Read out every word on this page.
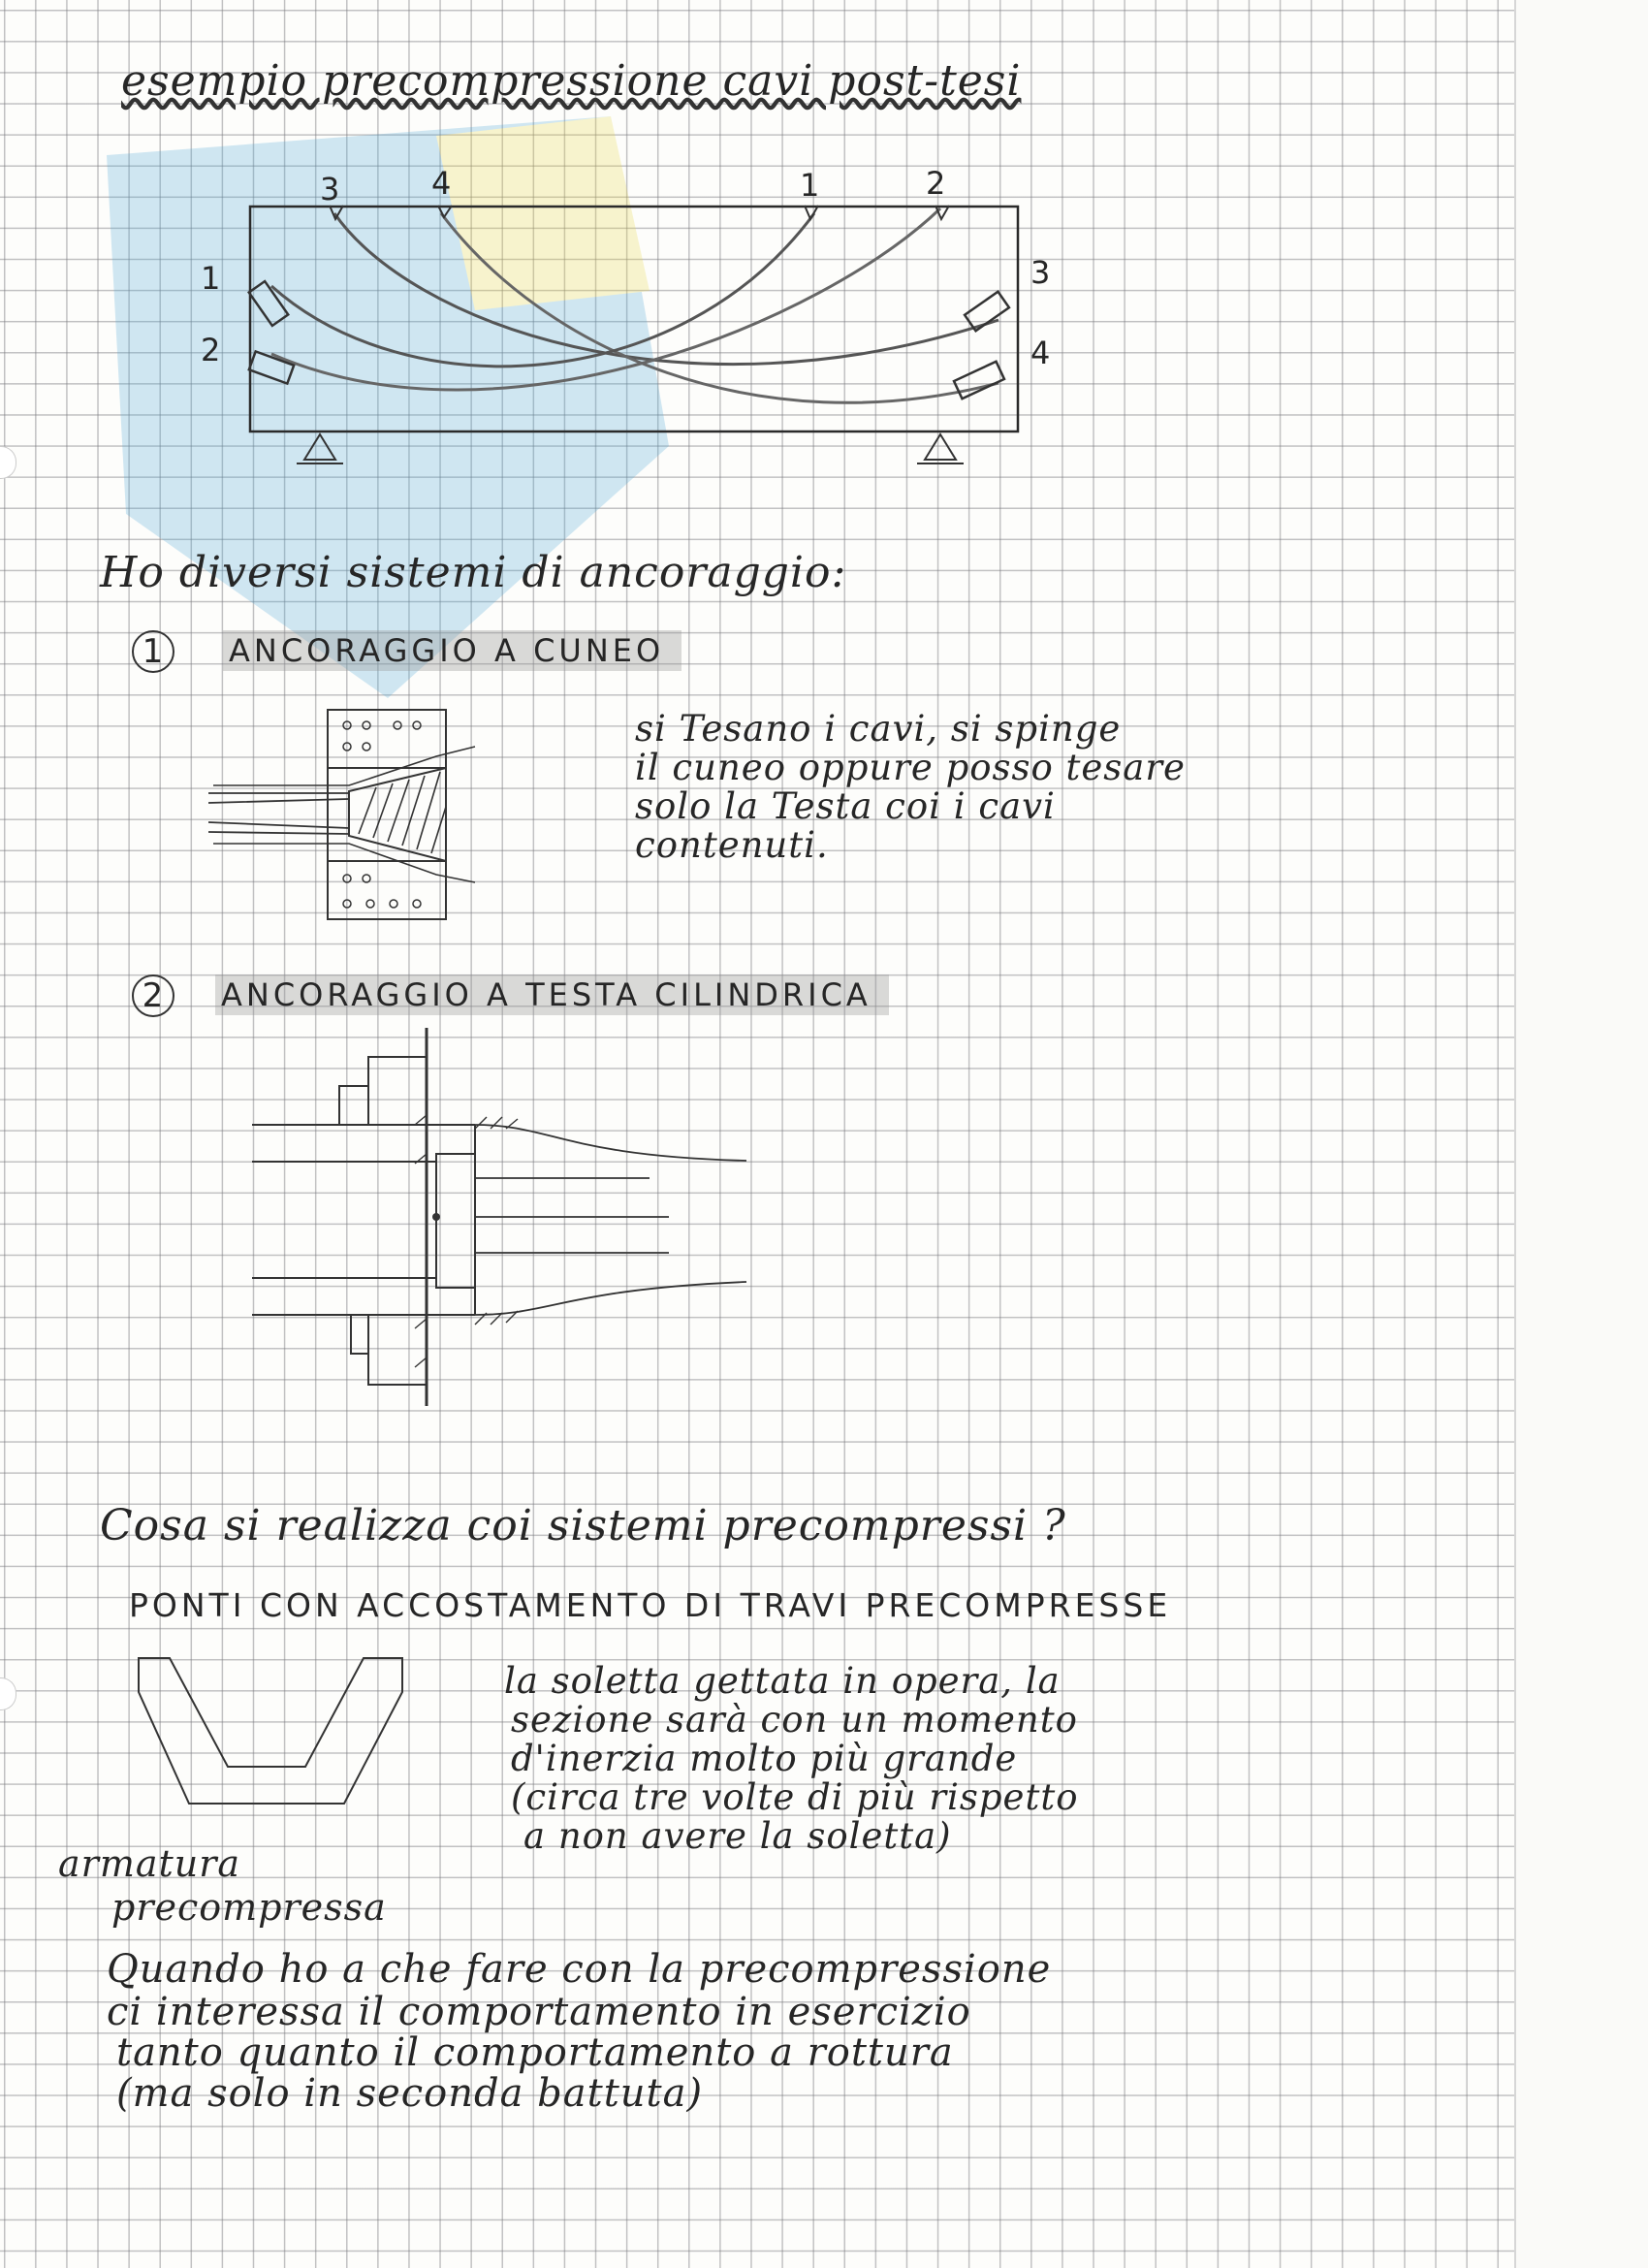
esempio precompressione cavi post-tesi
3	4	1	2
1
2
3
4
Ho diversi sistemi di ancoraggio:
1	ANCORAGGIO A CUNEO
si Tesano i cavi, si spinge
il cuneo oppure posso tesare
solo la Testa coi i cavi
contenuti.
2	ANCORAGGIO A TESTA CILINDRICA
Cosa si realizza coi sistemi precompressi ?
PONTI CON ACCOSTAMENTO DI TRAVI PRECOMPRESSE
armatura
precompressa
la soletta gettata in opera, la
sezione sarà con un momento
d'inerzia molto più grande
(circa tre volte di più rispetto
a non avere la soletta)
Quando ho a che fare con la precompressione
ci interessa il comportamento in esercizio
tanto quanto il comportamento a rottura
(ma solo in seconda battuta)
